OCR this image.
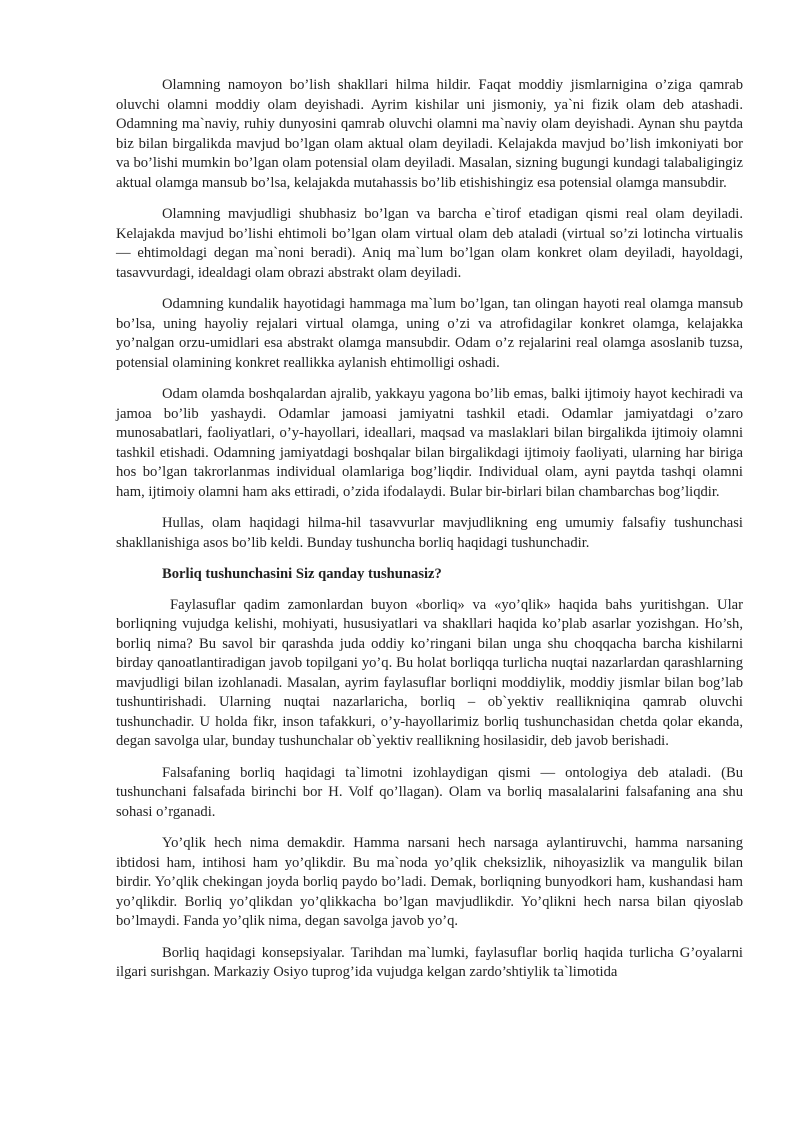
Olamning namoyon bo’lish shakllari hilma hildir. Faqat moddiy jismlarnigina o’ziga qamrab oluvchi olamni moddiy olam deyishadi. Ayrim kishilar uni jismoniy, ya`ni fizik olam deb atashadi. Odamning ma`naviy, ruhiy dunyosini qamrab oluvchi olamni ma`naviy olam deyishadi. Aynan shu paytda biz bilan birgalikda mavjud bo’lgan olam aktual olam deyiladi. Kelajakda mavjud bo’lish imkoniyati bor va bo’lishi mumkin bo’lgan olam potensial olam deyiladi. Masalan, sizning bugungi kundagi talabaligingiz aktual olamga mansub bo’lsa, kelajakda mutahassis bo’lib etishishingiz esa potensial olamga mansubdir.

Olamning mavjudligi shubhasiz bo’lgan va barcha e`tirof etadigan qismi real olam deyiladi. Kelajakda mavjud bo’lishi ehtimoli bo’lgan olam virtual olam deb ataladi (virtual so’zi lotincha virtualis — ehtimoldagi degan ma`noni beradi). Aniq ma`lum bo’lgan olam konkret olam deyiladi, hayoldagi, tasavvurdagi, idealdagi olam obrazi abstrakt olam deyiladi.

Odamning kundalik hayotidagi hammaga ma`lum bo’lgan, tan olingan hayoti real olamga mansub bo’lsa, uning hayoliy rejalari virtual olamga, uning o’zi va atrofidagilar konkret olamga, kelajakka yo’nalgan orzu-umidlari esa abstrakt olamga mansubdir. Odam o’z rejalarini real olamga asoslanib tuzsa, potensial olamining konkret reallikka aylanish ehtimolligi oshadi.

Odam olamda boshqalardan ajralib, yakkayu yagona bo’lib emas, balki ijtimoiy hayot kechiradi va jamoa bo’lib yashaydi. Odamlar jamoasi jamiyatni tashkil etadi. Odamlar jamiyatdagi o’zaro munosabatlari, faoliyatlari, o’y-hayollari, ideallari, maqsad va maslaklari bilan birgalikda ijtimoiy olamni tashkil etishadi. Odamning jamiyatdagi boshqalar bilan birgalikdagi ijtimoiy faoliyati, ularning har biriga hos bo’lgan takrorlanmas individual olamlariga bog’liqdir. Individual olam, ayni paytda tashqi olamni ham, ijtimoiy olamni ham aks ettiradi, o’zida ifodalaydi. Bular bir-birlari bilan chambarchas bog’liqdir.

Hullas, olam haqidagi hilma-hil tasavvurlar mavjudlikning eng umumiy falsafiy tushunchasi shakllanishiga asos bo’lib keldi. Bunday tushuncha borliq haqidagi tushunchadir.

Borliq tushunchasini Siz qanday tushunasiz?

Faylasuflar qadim zamonlardan buyon «borliq» va «yo’qlik» haqida bahs yuritishgan. Ular borliqning vujudga kelishi, mohiyati, hususiyatlari va shakllari haqida ko’plab asarlar yozishgan. Ho’sh, borliq nima? Bu savol bir qarashda juda oddiy ko’ringani bilan unga shu choqqacha barcha kishilarni birday qanoatlantiradigan javob topilgani yo’q. Bu holat borliqqa turlicha nuqtai nazarlardan qarashlarning mavjudligi bilan izohlanadi. Masalan, ayrim faylasuflar borliqni moddiylik, moddiy jismlar bilan bog’lab tushuntirishadi. Ularning nuqtai nazarlaricha, borliq – ob`yektiv reallikniqina qamrab oluvchi tushunchadir. U holda fikr, inson tafakkuri, o’y-hayollarimiz borliq tushunchasidan chetda qolar ekanda, degan savolga ular, bunday tushunchalar ob`yektiv reallikning hosilasidir, deb javob berishadi.

Falsafaning borliq haqidagi ta`limotni izohlaydigan qismi — ontologiya deb ataladi. (Bu tushunchani falsafada birinchi bor H. Volf qo’llagan). Olam va borliq masalalarini falsafaning ana shu sohasi o’rganadi.

Yo’qlik hech nima demakdir. Hamma narsani hech narsaga aylantiruvchi, hamma narsaning ibtidosi ham, intihosi ham yo’qlikdir. Bu ma`noda yo’qlik cheksizlik, nihoyasizlik va mangulik bilan birdir. Yo’qlik chekingan joyda borliq paydo bo’ladi. Demak, borliqning bunyodkori ham, kushandasi ham yo’qlikdir. Borliq yo’qlikdan yo’qlikkacha bo’lgan mavjudlikdir. Yo’qlikni hech narsa bilan qiyoslab bo’lmaydi. Fanda yo’qlik nima, degan savolga javob yo’q.

Borliq haqidagi konsepsiyalar. Tarihdan ma`lumki, faylasuflar borliq haqida turlicha G’oyalarni ilgari surishgan. Markaziy Osiyo tuprog’ida vujudga kelgan zardo’shtiylik ta`limotida
